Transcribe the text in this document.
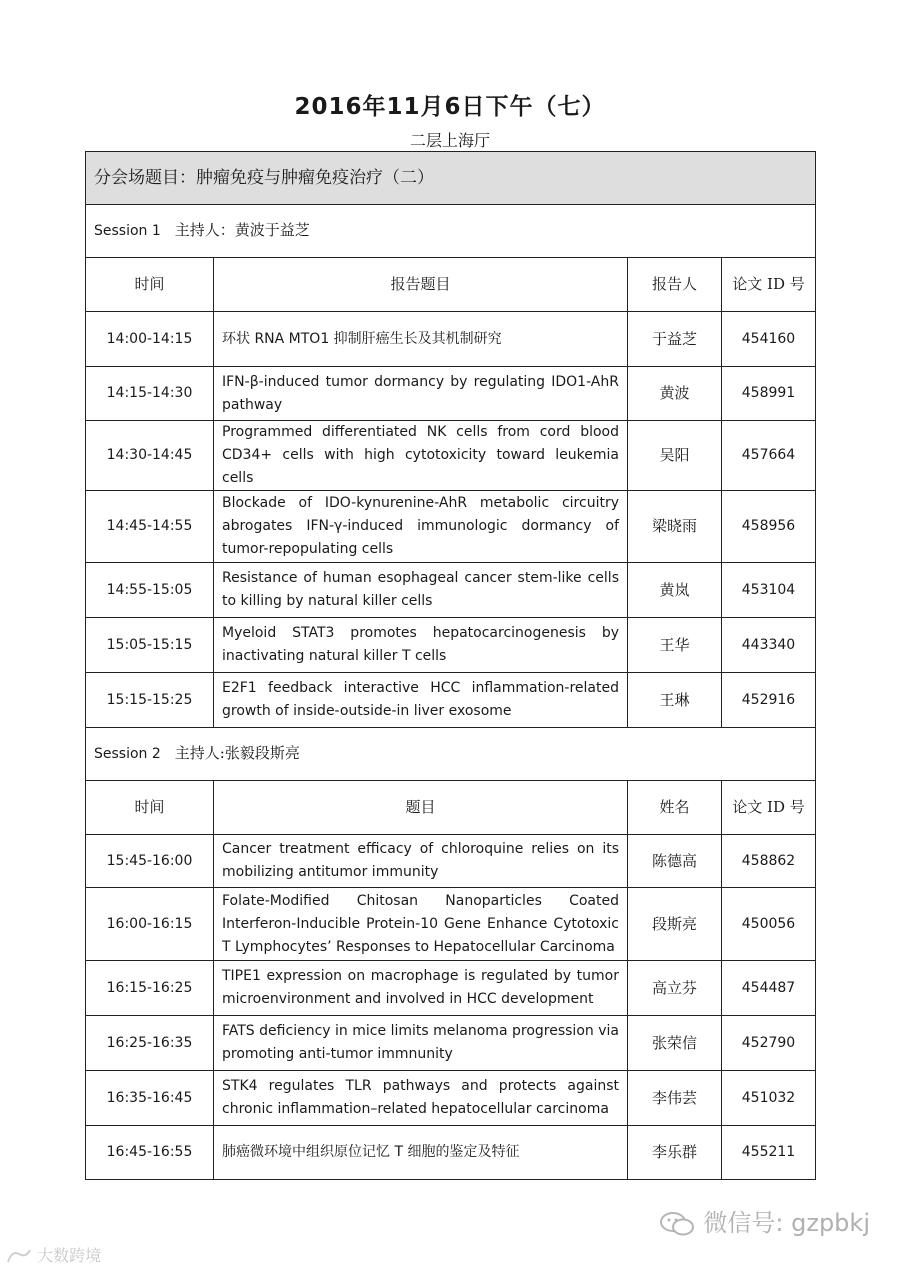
2016年11月6日下午（七）
二层上海厅
分会场题目：肿瘤免疫与肿瘤免疫治疗（二）			
Session 1  主持人：黄波于益芝			
时间	报告题目	报告人	论文 ID 号
14:00-14:15	环状 RNA MTO1 抑制肝癌生长及其机制研究	于益芝	454160
14:15-14:30	IFN-β-induced tumor dormancy by regulating IDO1-AhR pathway	黄波	458991
14:30-14:45	Programmed differentiated NK cells from cord blood CD34+ cells with high cytotoxicity toward leukemia cells	吴阳	457664
14:45-14:55	Blockade of IDO-kynurenine-AhR metabolic circuitry abrogates IFN-γ-induced immunologic dormancy of tumor-repopulating cells	梁晓雨	458956
14:55-15:05	Resistance of human esophageal cancer stem-like cells to killing by natural killer cells	黄岚	453104
15:05-15:15	Myeloid STAT3 promotes hepatocarcinogenesis by inactivating natural killer T cells	王华	443340
15:15-15:25	E2F1 feedback interactive HCC inflammation-related growth of inside-outside-in liver exosome	王琳	452916
Session 2  主持人:张毅段斯亮			
时间	题目	姓名	论文 ID 号
15:45-16:00	Cancer treatment efficacy of chloroquine relies on its mobilizing antitumor immunity	陈德高	458862
16:00-16:15	Folate-Modified Chitosan Nanoparticles Coated Interferon-Inducible Protein-10 Gene Enhance Cytotoxic T Lymphocytes’ Responses to Hepatocellular Carcinoma	段斯亮	450056
16:15-16:25	TIPE1 expression on macrophage is regulated by tumor microenvironment and involved in HCC development	高立芬	454487
16:25-16:35	FATS deficiency in mice limits melanoma progression via promoting anti-tumor immnunity	张荣信	452790
16:35-16:45	STK4 regulates TLR pathways and protects against chronic inflammation–related hepatocellular carcinoma	李伟芸	451032
16:45-16:55	肺癌微环境中组织原位记忆 T 细胞的鉴定及特征	李乐群	455211
大数跨境
微信号: gzpbkj
